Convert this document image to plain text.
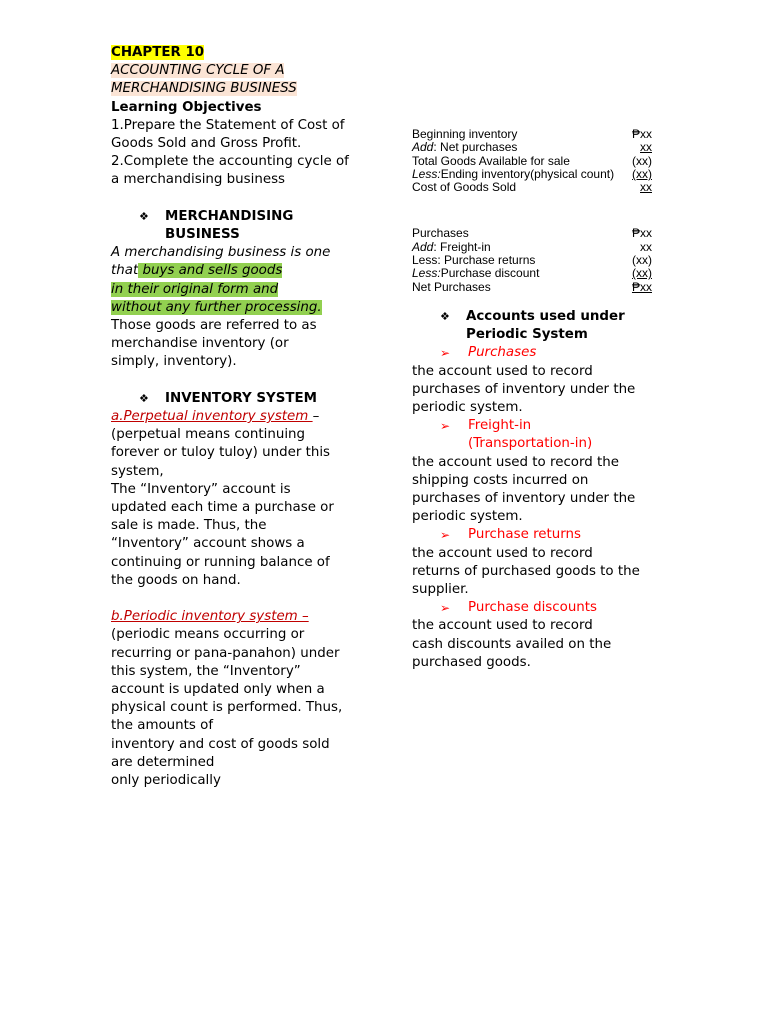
CHAPTER 10
ACCOUNTING CYCLE OF A
MERCHANDISING BUSINESS
Learning Objectives
1.Prepare the Statement of Cost of
Goods Sold and Gross Profit.
2.Complete the accounting cycle of
a merchandising business
❖	MERCHANDISING
BUSINESS
A merchandising business is one
that buys and sells goods
in their original form and
without any further processing.
Those goods are referred to as
merchandise inventory (or
simply, inventory).
❖	INVENTORY SYSTEM
a.Perpetual inventory system –
(perpetual means continuing
forever or tuloy tuloy) under this
system,
The “Inventory” account is
updated each time a purchase or
sale is made. Thus, the
“Inventory” account shows a
continuing or running balance of
the goods on hand.
b.Periodic inventory system –
(periodic means occurring or
recurring or pana-panahon) under
this system, the “Inventory”
account is updated only when a
physical count is performed. Thus,
the amounts of
inventory and cost of goods sold
are determined
only periodically
Beginning inventory	₱xx
Add: Net purchases	xx
Total Goods Available for sale	(xx)
Less:Ending inventory(physical count)	(xx)
Cost of Goods Sold	xx
Purchases	₱xx
Add: Freight-in	xx
Less: Purchase returns	(xx)
Less:Purchase discount	(xx)
Net Purchases	₱xx
❖	Accounts used under
Periodic System
➢	Purchases
the account used to record
purchases of inventory under the
periodic system.
➢	Freight-in
(Transportation-in)
the account used to record the
shipping costs incurred on
purchases of inventory under the
periodic system.
➢	Purchase returns
the account used to record
returns of purchased goods to the
supplier.
➢	Purchase discounts
the account used to record
cash discounts availed on the
purchased goods.
